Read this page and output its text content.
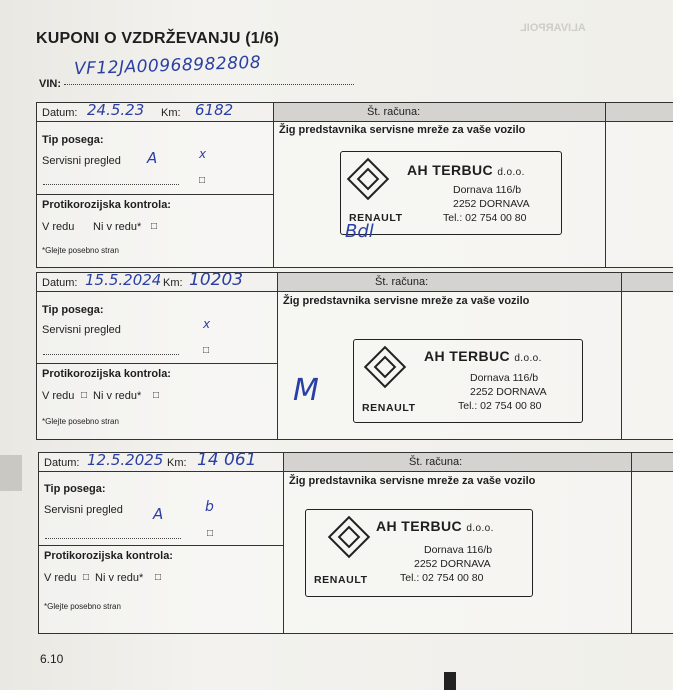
ALIVARPOIL
KUPONI O VZDRŽEVANJU (1/6)
VF12JA00968982808
VIN:
Datum: 24.5.23 Km: 6182	Št. računa:
Žig predstavnika servisne mreže za vaše vozilo
Tip posega:
Servisni pregled A	x
□
Protikorozijska kontrola:
V redu Ni v redu* □
*Glejte posebno stran
AH TERBUC d.o.o.
Dornava 116/b
2252 DORNAVA
Tel.: 02 754 00 80
RENAULT
Bdl
Datum: 15.5.2024 Km: 10203	Št. računa:
Žig predstavnika servisne mreže za vaše vozilo
Tip posega:
Servisni pregled	x
□
Protikorozijska kontrola:
V redu □ Ni v redu* □
*Glejte posebno stran
M
AH TERBUC d.o.o.
Dornava 116/b
2252 DORNAVA
Tel.: 02 754 00 80
RENAULT
Datum: 12.5.2025 Km: 14 061	Št. računa:
Žig predstavnika servisne mreže za vaše vozilo
Tip posega:
Servisni pregled A	b
□
Protikorozijska kontrola:
V redu □ Ni v redu* □
*Glejte posebno stran
AH TERBUC d.o.o.
Dornava 116/b
2252 DORNAVA
Tel.: 02 754 00 80
RENAULT
6.10
